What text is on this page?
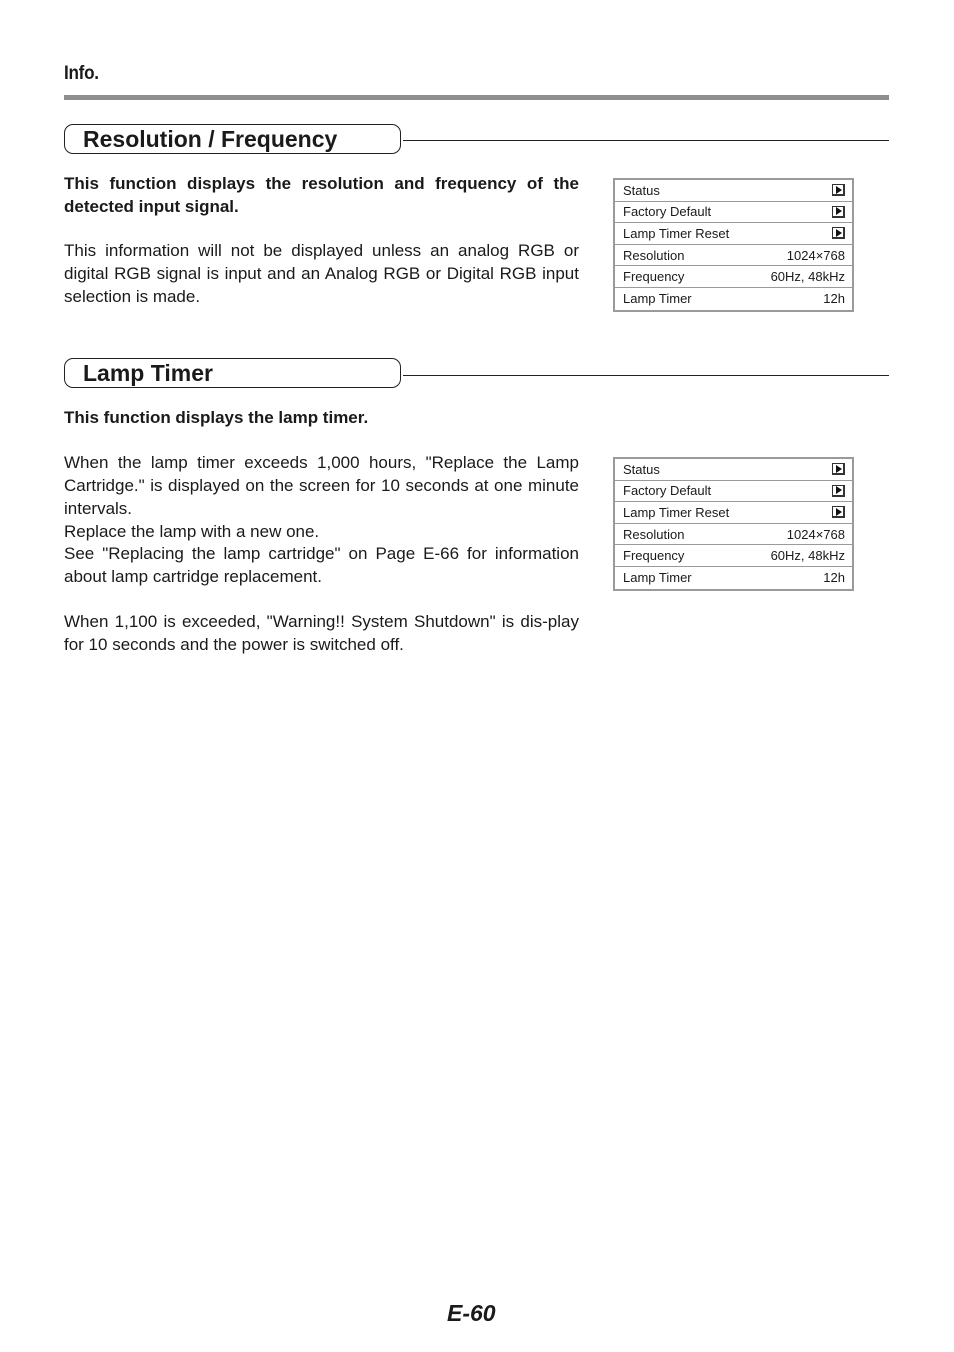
Info.
Resolution / Frequency
This function displays the resolution and frequency of the detected input signal.
This information will not be displayed unless an analog RGB or digital RGB signal is input and an Analog RGB or Digital RGB input selection is made.
Status
Factory Default
Lamp Timer Reset
Resolution	1024×768
Frequency	60Hz, 48kHz
Lamp Timer	12h
Lamp Timer
This function displays the lamp timer.
When the lamp timer exceeds 1,000 hours, "Replace the Lamp Cartridge." is displayed on the screen for 10 seconds at one minute intervals.
Replace the lamp with a new one.
See "Replacing the lamp cartridge" on Page E-66 for information about lamp cartridge replacement.
When 1,100 is exceeded, "Warning!! System Shutdown" is dis-play for 10 seconds and the power is switched off.
Status
Factory Default
Lamp Timer Reset
Resolution	1024×768
Frequency	60Hz, 48kHz
Lamp Timer	12h
E-60
